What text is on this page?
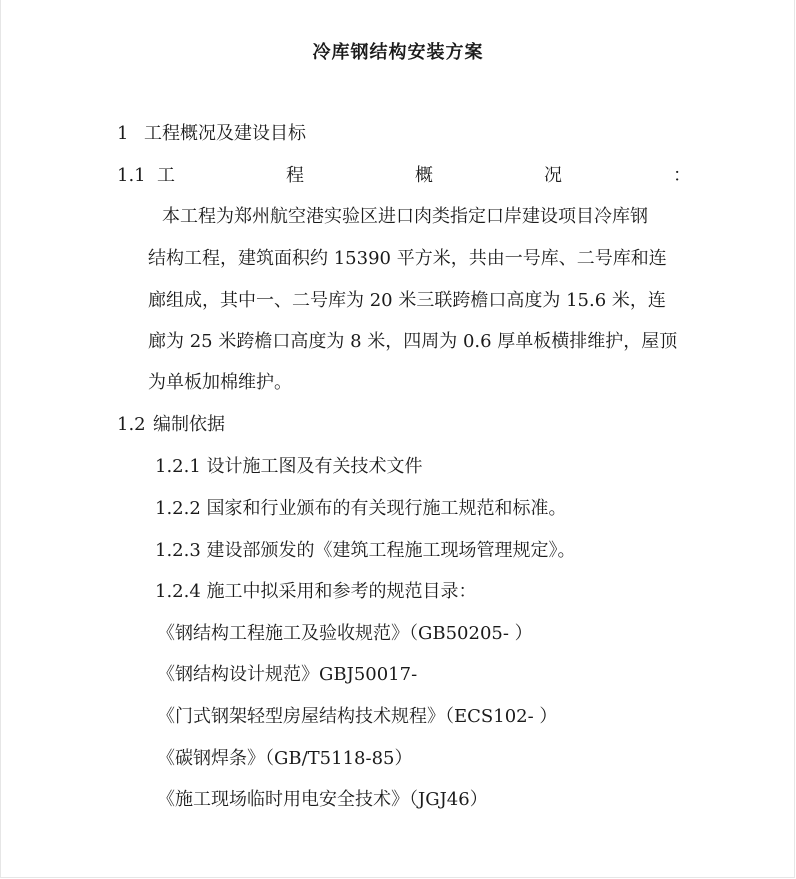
冷库钢结构安装方案
1 工程概况及建设目标
1.1 工	程	概	况	：
本工程为郑州航空港实验区进口肉类指定口岸建设项目冷库钢
结构工程，建筑面积约 15390 平方米，共由一号库、二号库和连
廊组成，其中一、二号库为 20 米三联跨檐口高度为 15.6 米，连
廊为 25 米跨檐口高度为 8 米，四周为 0.6 厚单板横排维护，屋顶
为单板加棉维护。
1.2 编制依据
1.2.1 设计施工图及有关技术文件
1.2.2 国家和行业颁布的有关现行施工规范和标准。
1.2.3 建设部颁发的《建筑工程施工现场管理规定》。
1.2.4 施工中拟采用和参考的规范目录：
《钢结构工程施工及验收规范》（GB50205- ）
《钢结构设计规范》GBJ50017-
《门式钢架轻型房屋结构技术规程》（ECS102- ）
《碳钢焊条》（GB/T5118-85）
《施工现场临时用电安全技术》（JGJ46）
